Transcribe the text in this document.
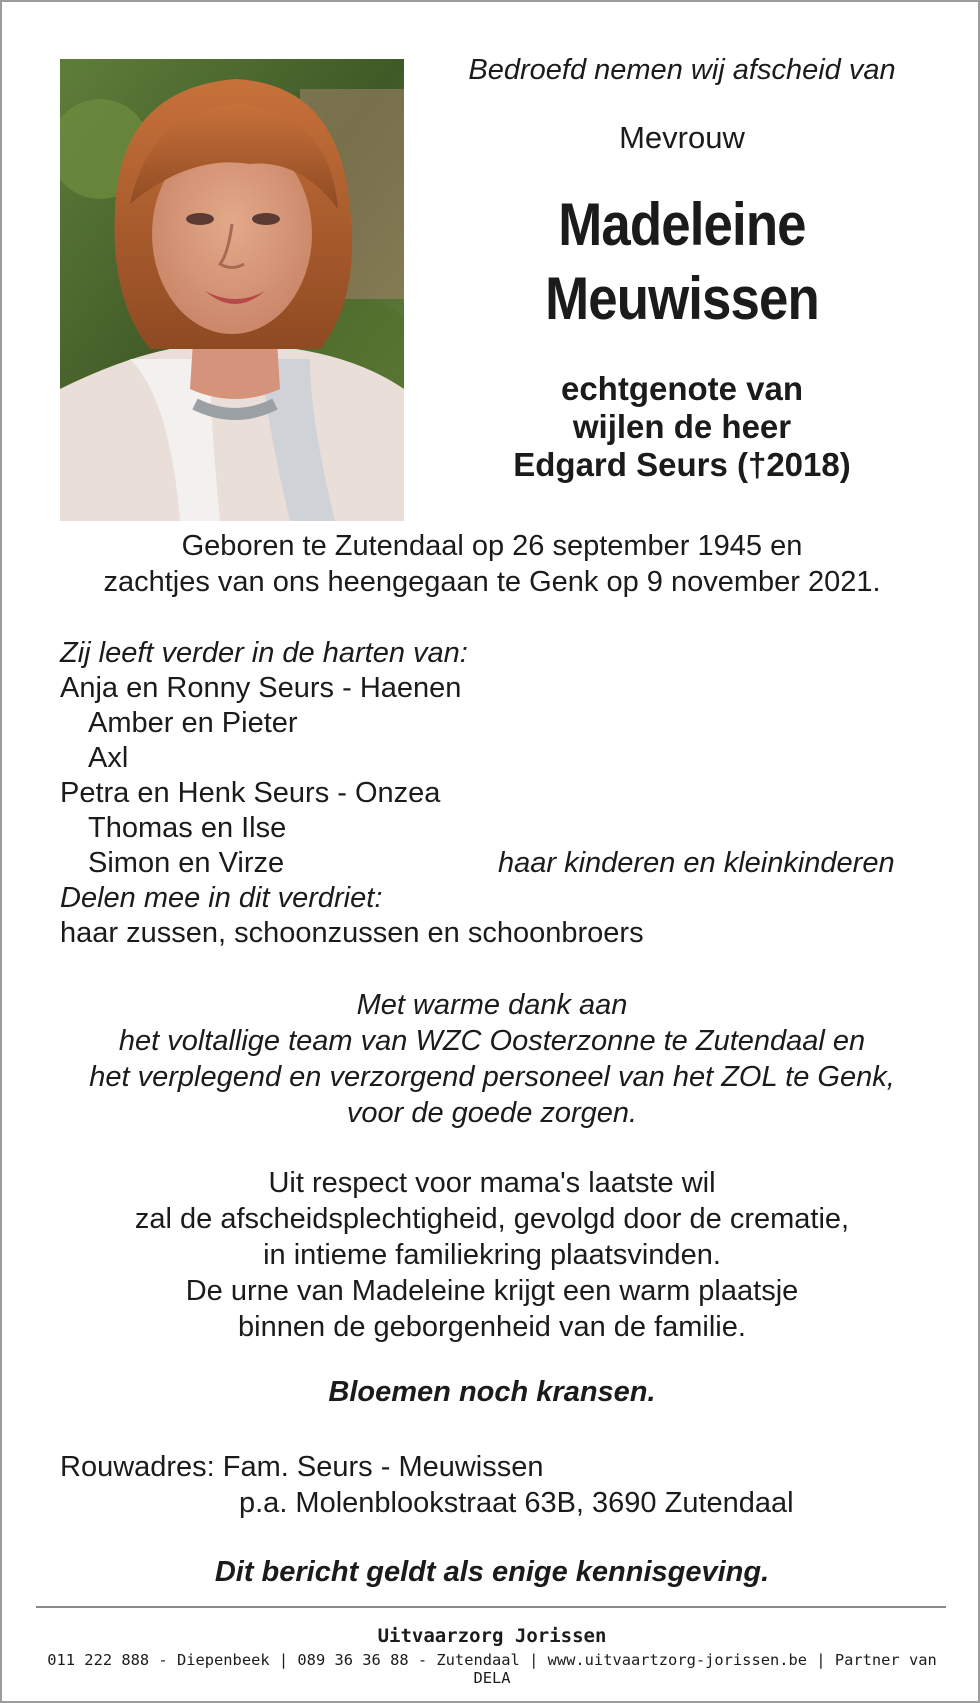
Bedroefd nemen wij afscheid van
Mevrouw
Madeleine
Meuwissen
echtgenote van
wijlen de heer
Edgard Seurs (†2018)
Geboren te Zutendaal op 26 september 1945 en
zachtjes van ons heengegaan te Genk op 9 november 2021.
Zij leeft verder in de harten van:
Anja en Ronny Seurs - Haenen
Amber en Pieter
Axl
Petra en Henk Seurs - Onzea
Thomas en Ilse
Simon en Virze	haar kinderen en kleinkinderen
Delen mee in dit verdriet:
haar zussen, schoonzussen en schoonbroers
Met warme dank aan
het voltallige team van WZC Oosterzonne te Zutendaal en
het verplegend en verzorgend personeel van het ZOL te Genk,
voor de goede zorgen.
Uit respect voor mama's laatste wil
zal de afscheidsplechtigheid, gevolgd door de crematie,
in intieme familiekring plaatsvinden.
De urne van Madeleine krijgt een warm plaatsje
binnen de geborgenheid van de familie.
Bloemen noch kransen.
Rouwadres: Fam. Seurs - Meuwissen
p.a. Molenblookstraat 63B, 3690 Zutendaal
Dit bericht geldt als enige kennisgeving.
Uitvaarzorg Jorissen
011 222 888 - Diepenbeek | 089 36 36 88 - Zutendaal | www.uitvaartzorg-jorissen.be | Partner van DELA
